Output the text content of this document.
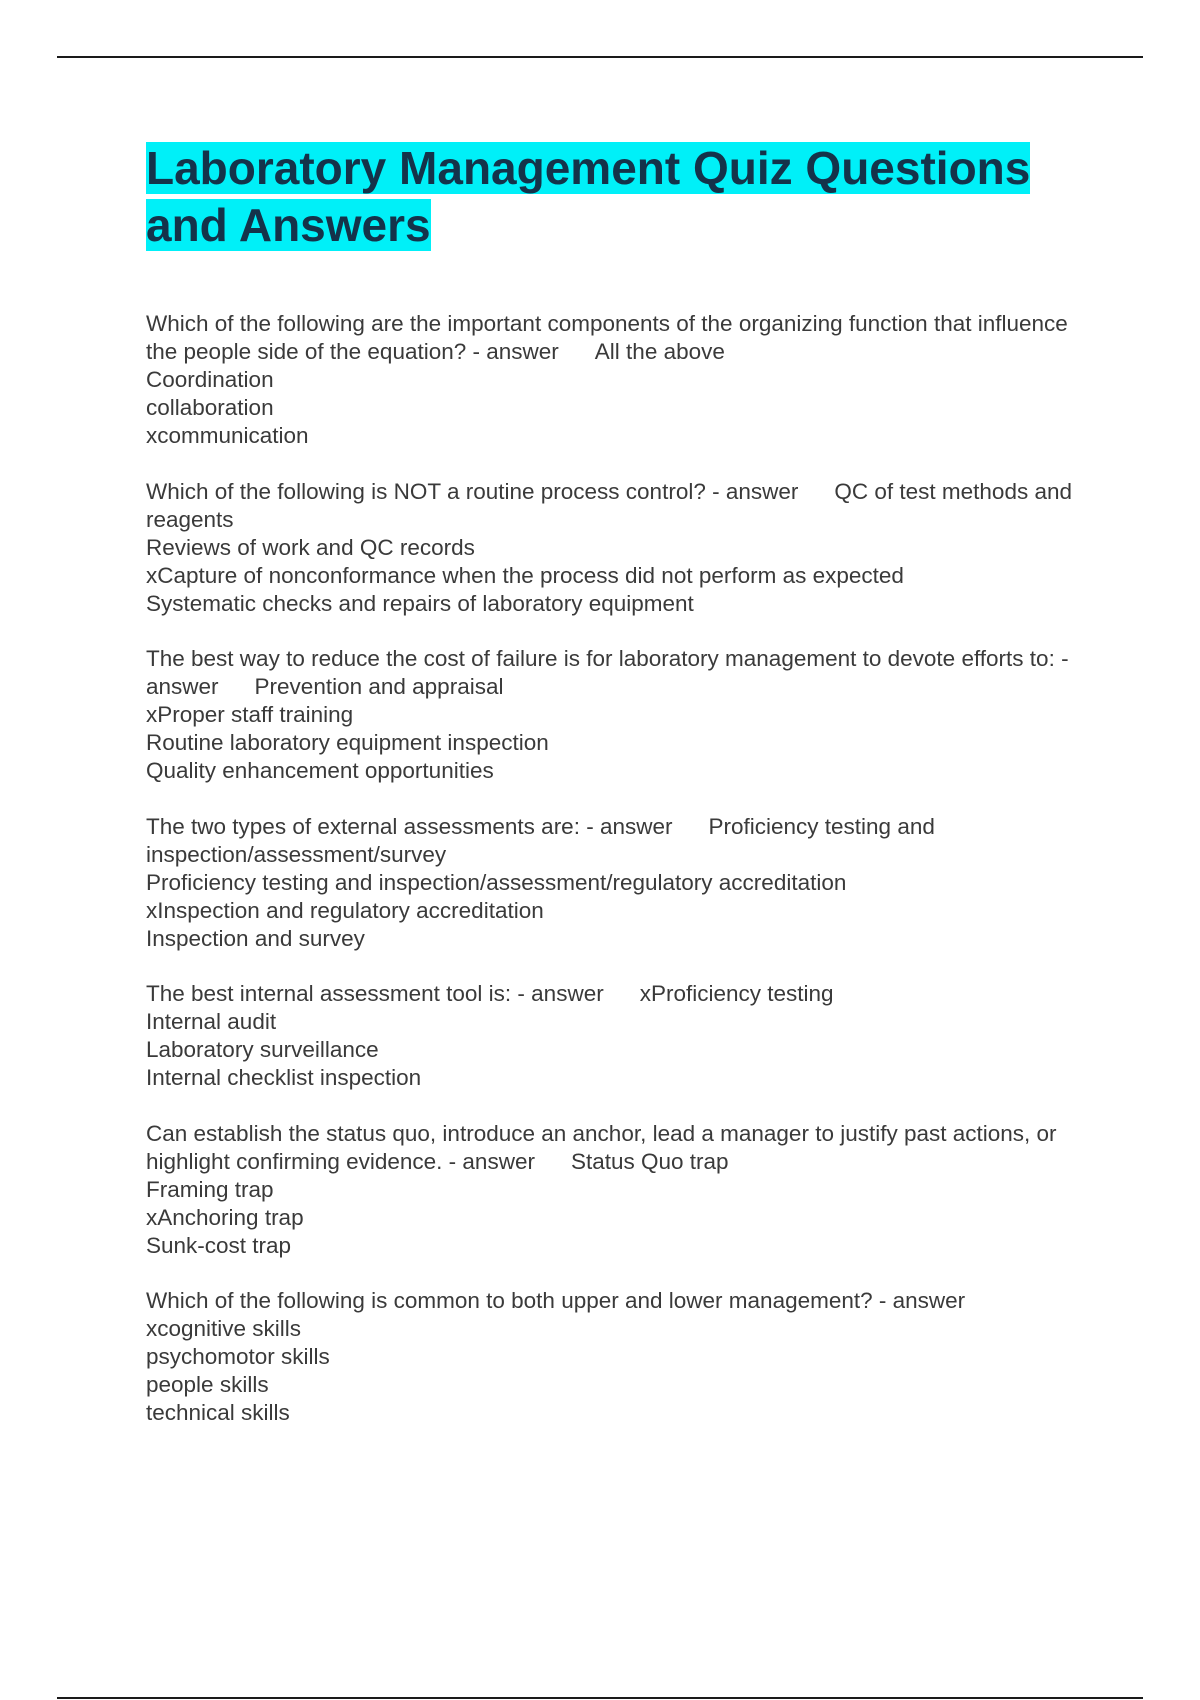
Laboratory Management Quiz Questions and Answers

Which of the following are the important components of the organizing function that influence the people side of the equation? - answer All the above

Coordination

collaboration

xcommunication

Which of the following is NOT a routine process control? - answer QC of test methods and reagents

Reviews of work and QC records

xCapture of nonconformance when the process did not perform as expected

Systematic checks and repairs of laboratory equipment

The best way to reduce the cost of failure is for laboratory management to devote efforts to: - answer Prevention and appraisal

xProper staff training

Routine laboratory equipment inspection

Quality enhancement opportunities

The two types of external assessments are: - answer Proficiency testing and inspection/assessment/survey

Proficiency testing and inspection/assessment/regulatory accreditation

xInspection and regulatory accreditation

Inspection and survey

The best internal assessment tool is: - answer xProficiency testing

Internal audit

Laboratory surveillance

Internal checklist inspection

Can establish the status quo, introduce an anchor, lead a manager to justify past actions, or highlight confirming evidence. - answer Status Quo trap

Framing trap

xAnchoring trap

Sunk-cost trap

Which of the following is common to both upper and lower management? - answer

xcognitive skills

psychomotor skills

people skills

technical skills
